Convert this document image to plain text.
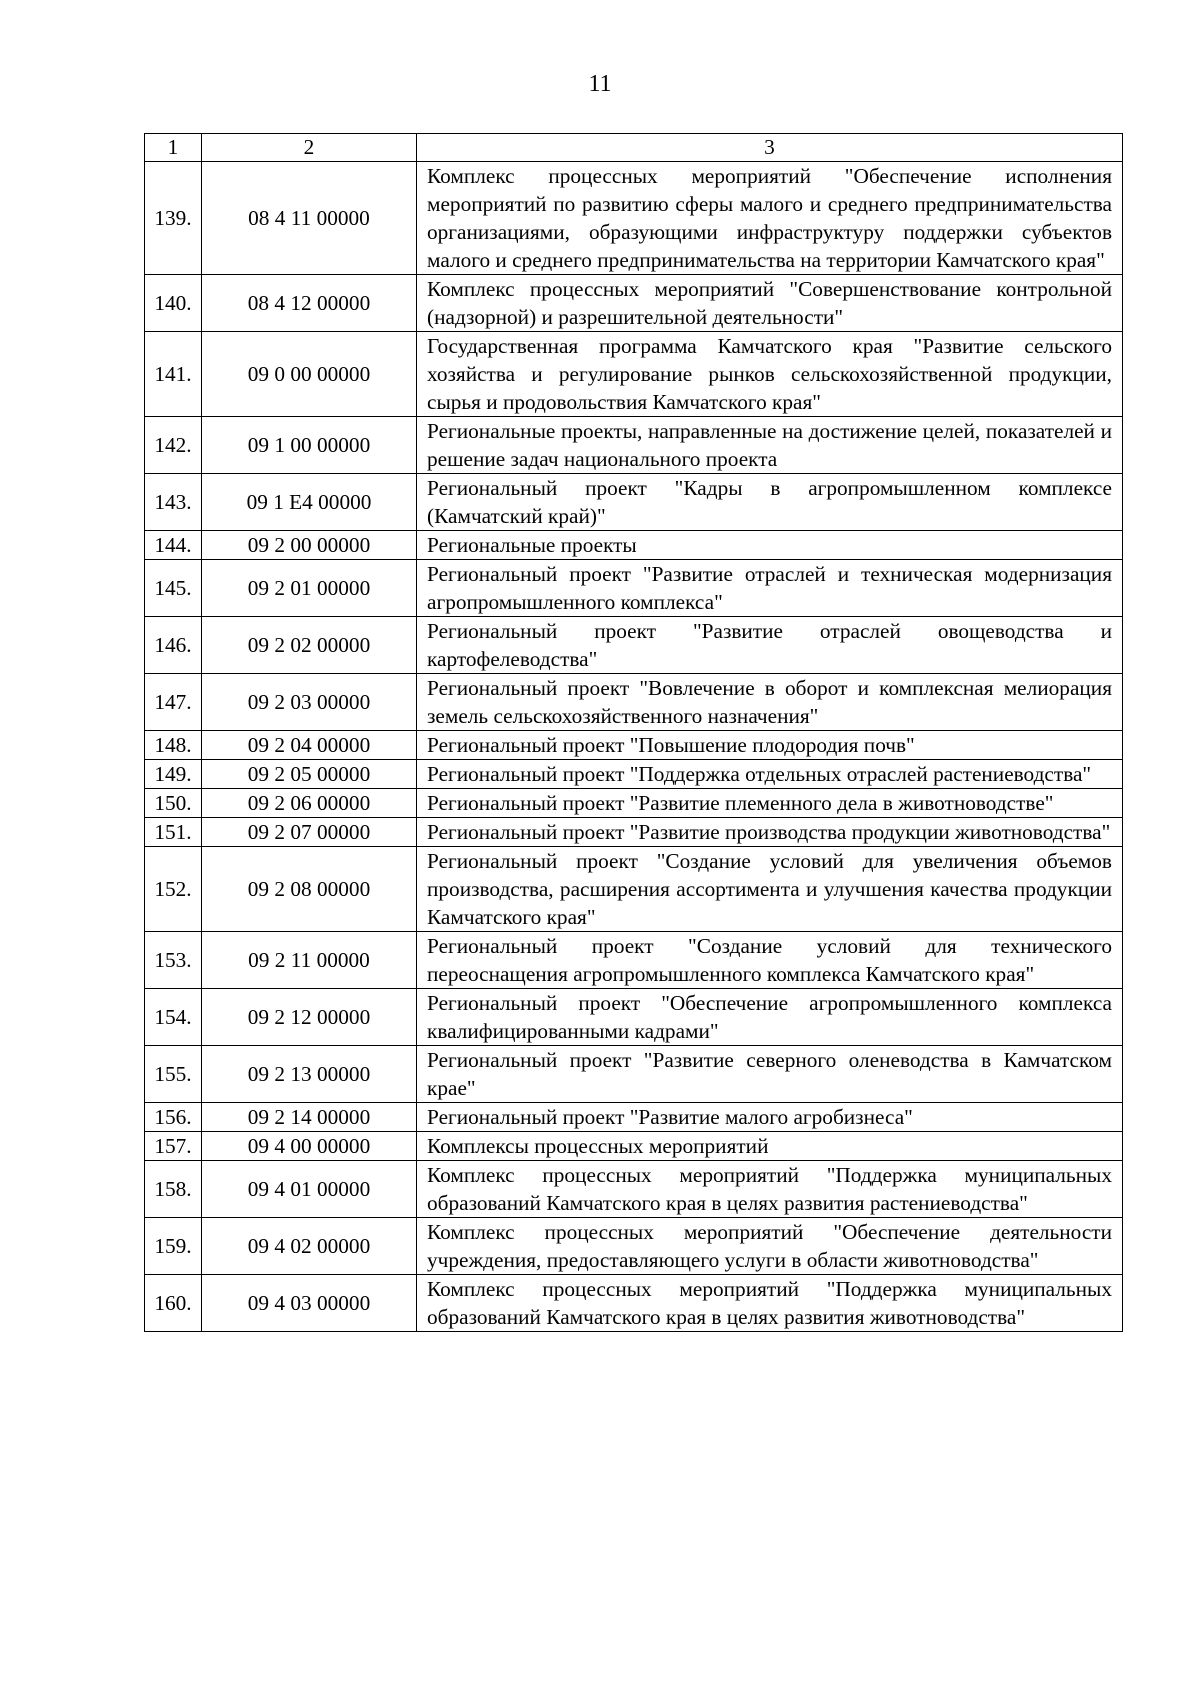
11
1	2	3
139.	08 4 11 00000	Комплекс процессных мероприятий "Обеспечение исполнения мероприятий по развитию сферы малого и среднего предпринимательства организациями, образующими инфраструктуру поддержки субъектов малого и среднего предпринимательства на территории Камчатского края"
140.	08 4 12 00000	Комплекс процессных мероприятий "Совершенствование контрольной (надзорной) и разрешительной деятельности"
141.	09 0 00 00000	Государственная программа Камчатского края "Развитие сельского хозяйства и регулирование рынков сельскохозяйственной продукции, сырья и продовольствия Камчатского края"
142.	09 1 00 00000	Региональные проекты, направленные на достижение целей, показателей и решение задач национального проекта
143.	09 1 E4 00000	Региональный проект "Кадры в агропромышленном комплексе (Камчатский край)"
144.	09 2 00 00000	Региональные проекты
145.	09 2 01 00000	Региональный проект "Развитие отраслей и техническая модернизация агропромышленного комплекса"
146.	09 2 02 00000	Региональный проект "Развитие отраслей овощеводства и картофелеводства"
147.	09 2 03 00000	Региональный проект "Вовлечение в оборот и комплексная мелиорация земель сельскохозяйственного назначения"
148.	09 2 04 00000	Региональный проект "Повышение плодородия почв"
149.	09 2 05 00000	Региональный проект "Поддержка отдельных отраслей растениеводства"
150.	09 2 06 00000	Региональный проект "Развитие племенного дела в животноводстве"
151.	09 2 07 00000	Региональный проект "Развитие производства продукции животноводства"
152.	09 2 08 00000	Региональный проект "Создание условий для увеличения объемов производства, расширения ассортимента и улучшения качества продукции Камчатского края"
153.	09 2 11 00000	Региональный проект "Создание условий для технического переоснащения агропромышленного комплекса Камчатского края"
154.	09 2 12 00000	Региональный проект "Обеспечение агропромышленного комплекса квалифицированными кадрами"
155.	09 2 13 00000	Региональный проект "Развитие северного оленеводства в Камчатском крае"
156.	09 2 14 00000	Региональный проект "Развитие малого агробизнеса"
157.	09 4 00 00000	Комплексы процессных мероприятий
158.	09 4 01 00000	Комплекс процессных мероприятий "Поддержка муниципальных образований Камчатского края в целях развития растениеводства"
159.	09 4 02 00000	Комплекс процессных мероприятий "Обеспечение деятельности учреждения, предоставляющего услуги в области животноводства"
160.	09 4 03 00000	Комплекс процессных мероприятий "Поддержка муниципальных образований Камчатского края в целях развития животноводства"
